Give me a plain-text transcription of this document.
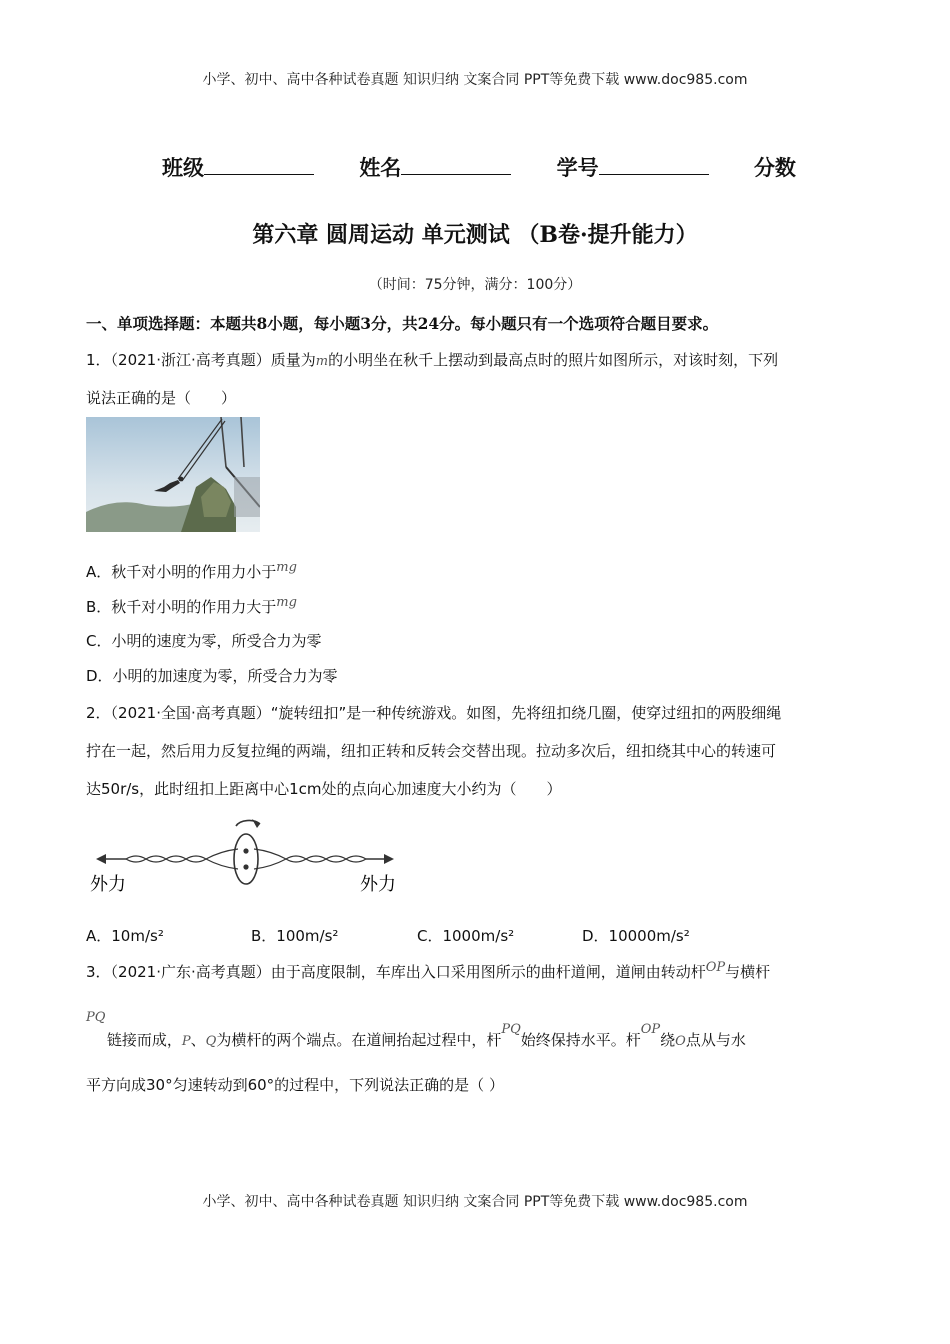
小学、初中、高中各种试卷真题 知识归纳 文案合同 PPT等免费下载 www.doc985.com
班级	姓名	学号	分数
第六章 圆周运动 单元测试 （B卷·提升能力）
（时间：75分钟，满分：100分）
一、单项选择题：本题共8小题，每小题3分，共24分。每小题只有一个选项符合题目要求。
1．（2021·浙江·高考真题）质量为m的小明坐在秋千上摆动到最高点时的照片如图所示，对该时刻，下列
说法正确的是（　　）
A．秋千对小明的作用力小于mg
B．秋千对小明的作用力大于mg
C．小明的速度为零，所受合力为零
D．小明的加速度为零，所受合力为零
2．（2021·全国·高考真题）“旋转纽扣”是一种传统游戏。如图，先将纽扣绕几圈，使穿过纽扣的两股细绳
拧在一起，然后用力反复拉绳的两端，纽扣正转和反转会交替出现。拉动多次后，纽扣绕其中心的转速可
达50r/s，此时纽扣上距离中心1cm处的点向心加速度大小约为（　　）
外力	外力
A．10m/s²	B．100m/s²	C．1000m/s²	D．10000m/s²
3．（2021·广东·高考真题）由于高度限制，车库出入口采用图所示的曲杆道闸，道闸由转动杆OP与横杆
PQ
链接而成，P、Q为横杆的两个端点。在道闸抬起过程中，杆PQ始终保持水平。杆OP绕O点从与水
平方向成30°匀速转动到60°的过程中，下列说法正确的是（ ）
小学、初中、高中各种试卷真题 知识归纳 文案合同 PPT等免费下载 www.doc985.com
